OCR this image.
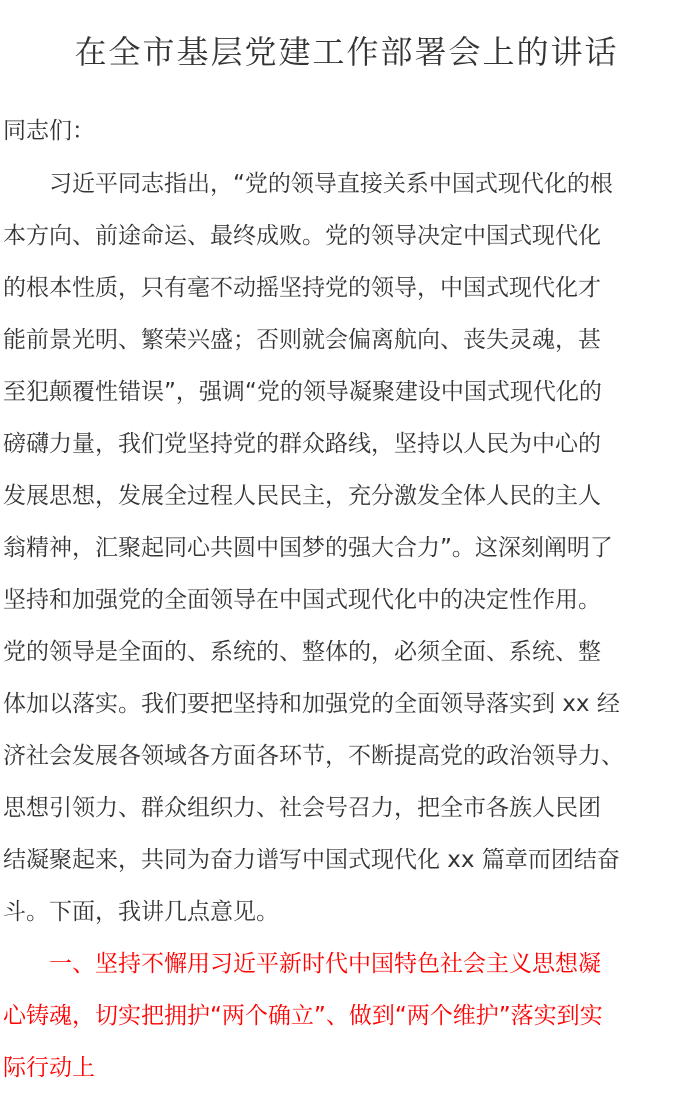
在全市基层党建工作部署会上的讲话

同志们：

　　习近平同志指出，“党的领导直接关系中国式现代化的根
本方向、前途命运、最终成败。党的领导决定中国式现代化
的根本性质，只有毫不动摇坚持党的领导，中国式现代化才
能前景光明、繁荣兴盛；否则就会偏离航向、丧失灵魂，甚
至犯颠覆性错误”，强调“党的领导凝聚建设中国式现代化的
磅礴力量，我们党坚持党的群众路线，坚持以人民为中心的
发展思想，发展全过程人民民主，充分激发全体人民的主人
翁精神，汇聚起同心共圆中国梦的强大合力”。这深刻阐明了
坚持和加强党的全面领导在中国式现代化中的决定性作用。
党的领导是全面的、系统的、整体的，必须全面、系统、整
体加以落实。我们要把坚持和加强党的全面领导落实到 xx 经
济社会发展各领域各方面各环节，不断提高党的政治领导力、
思想引领力、群众组织力、社会号召力，把全市各族人民团
结凝聚起来，共同为奋力谱写中国式现代化 xx 篇章而团结奋
斗。下面，我讲几点意见。
　　一、坚持不懈用习近平新时代中国特色社会主义思想凝
心铸魂，切实把拥护“两个确立”、做到“两个维护”落实到实
际行动上
